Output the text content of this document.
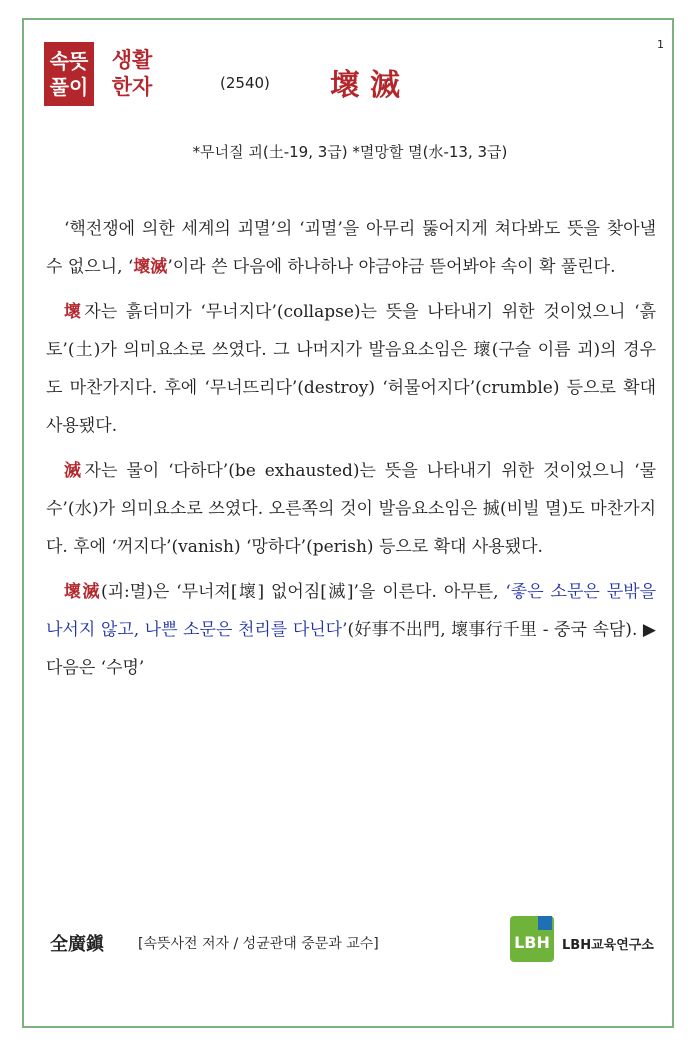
1
속뜻
풀이
생활
한자	(2540) 壞滅
*무너질 괴(土-19, 3급) *멸망할 멸(水-13, 3급)

‘핵전쟁에 의한 세계의 괴멸’의 ‘괴멸’을 아무리 뚫어지게 쳐다봐도 뜻을 찾아낼 수 없으니, ‘壞滅’이라 쓴 다음에 하나하나 야금야금 뜯어봐야 속이 확 풀린다.

壞자는 흙더미가 ‘무너지다’(collapse)는 뜻을 나타내기 위한 것이었으니 ‘흙 토’(土)가 의미요소로 쓰였다. 그 나머지가 발음요소임은 瓌(구슬 이름 괴)의 경우도 마찬가지다. 후에 ‘무너뜨리다’(destroy) ‘허물어지다’(crumble) 등으로 확대 사용됐다.

滅자는 물이 ‘다하다’(be exhausted)는 뜻을 나타내기 위한 것이었으니 ‘물 수’(水)가 의미요소로 쓰였다. 오른쪽의 것이 발음요소임은 搣(비빌 멸)도 마찬가지다. 후에 ‘꺼지다’(vanish) ‘망하다’(perish) 등으로 확대 사용됐다.

壞滅(괴:멸)은 ‘무너져[壞] 없어짐[滅]’을 이른다. 아무튼, ‘좋은 소문은 문밖을 나서지 않고, 나쁜 소문은 천리를 다닌다’(好事不出門, 壞事行千里 - 중국 속담). ▶ 다음은 ‘수명’

全廣鎭 [속뜻사전 저자 / 성균관대 중문과 교수]	LBH LBH교육연구소
